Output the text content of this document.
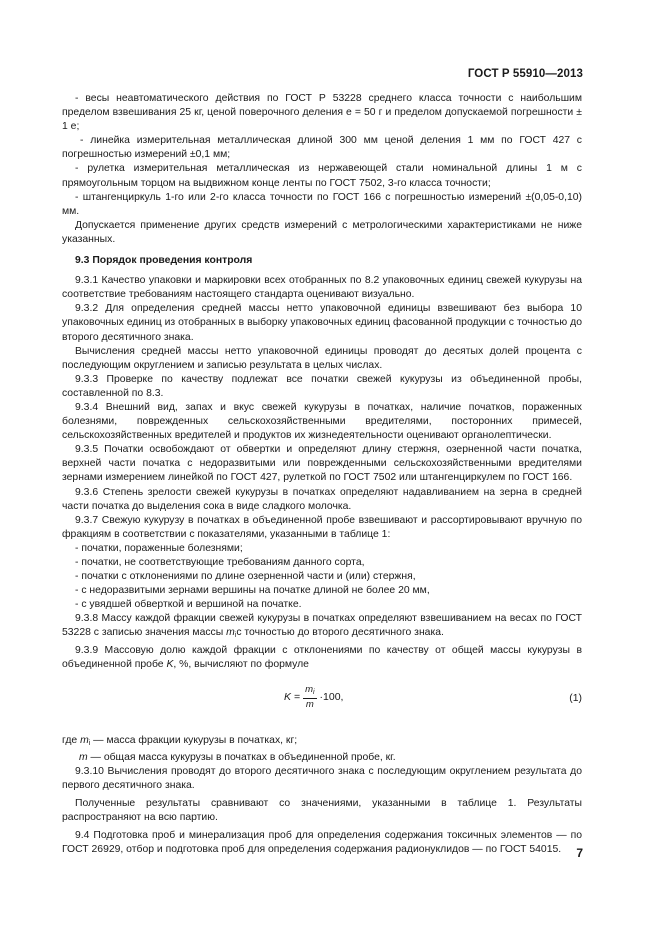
ГОСТ Р 55910—2013

- весы неавтоматического действия по ГОСТ Р 53228 среднего класса точности с наибольшим пределом взвешивания 25 кг, ценой поверочного деления e = 50 г и пределом допускаемой погрешности ± 1 e;

- линейка измерительная металлическая длиной 300 мм ценой деления 1 мм по ГОСТ 427 с погрешностью измерений ±0,1 мм;

- рулетка измерительная металлическая из нержавеющей стали номинальной длины 1 м с прямоугольным торцом на выдвижном конце ленты по ГОСТ 7502, 3-го класса точности;

- штангенциркуль 1-го или 2-го класса точности по ГОСТ 166 с погрешностью измерений ±(0,05-0,10) мм.

Допускается применение других средств измерений с метрологическими характеристиками не ниже указанных.

9.3 Порядок проведения контроля

9.3.1 Качество упаковки и маркировки всех отобранных по 8.2 упаковочных единиц свежей кукурузы на соответствие требованиям настоящего стандарта оценивают визуально.

9.3.2 Для определения средней массы нетто упаковочной единицы взвешивают без выбора 10 упаковочных единиц из отобранных в выборку упаковочных единиц фасованной продукции с точностью до второго десятичного знака.

Вычисления средней массы нетто упаковочной единицы проводят до десятых долей процента с последующим округлением и записью результата в целых числах.

9.3.3 Проверке по качеству подлежат все початки свежей кукурузы из объединенной пробы, составленной по 8.3.

9.3.4 Внешний вид, запах и вкус свежей кукурузы в початках, наличие початков, пораженных болезнями, поврежденных сельскохозяйственными вредителями, посторонних примесей, сельскохозяйственных вредителей и продуктов их жизнедеятельности оценивают органолептически.

9.3.5 Початки освобождают от обвертки и определяют длину стержня, озерненной части початка, верхней части початка с недоразвитыми или поврежденными сельскохозяйственными вредителями зернами измерением линейкой по ГОСТ 427, рулеткой по ГОСТ 7502 или штангенциркулем по ГОСТ 166.

9.3.6 Степень зрелости свежей кукурузы в початках определяют надавливанием на зерна в средней части початка до выделения сока в виде сладкого молочка.

9.3.7 Свежую кукурузу в початках в объединенной пробе взвешивают и рассортировывают вручную по фракциям в соответствии с показателями, указанными в таблице 1:

- початки, пораженные болезнями;

- початки, не соответствующие требованиям данного сорта,

- початки с отклонениями по длине озерненной части и (или) стержня,

- с недоразвитыми зернами вершины на початке длиной не более 20 мм,

- с увядшей обверткой и вершиной на початке.

9.3.8 Массу каждой фракции свежей кукурузы в початках определяют взвешиванием на весах по ГОСТ 53228 с записью значения массы $m_iс$ точностью до второго десятичного знака.

9.3.9 Массовую долю каждой фракции с отклонениями по качеству от общей массы кукурузы в объединенной пробе K, %, вычисляют по формуле

$K = \frac{m_i}{m} \cdot 100$,	(1)

где $m_i$ — масса фракции кукурузы в початках, кг;

m — общая масса кукурузы в початках в объединенной пробе, кг.

9.3.10 Вычисления проводят до второго десятичного знака с последующим округлением результата до первого десятичного знака.

Полученные результаты сравнивают со значениями, указанными в таблице 1. Результаты распространяют на всю партию.

9.4 Подготовка проб и минерализация проб для определения содержания токсичных элементов — по ГОСТ 26929, отбор и подготовка проб для определения содержания радионуклидов — по ГОСТ 54015.	7
